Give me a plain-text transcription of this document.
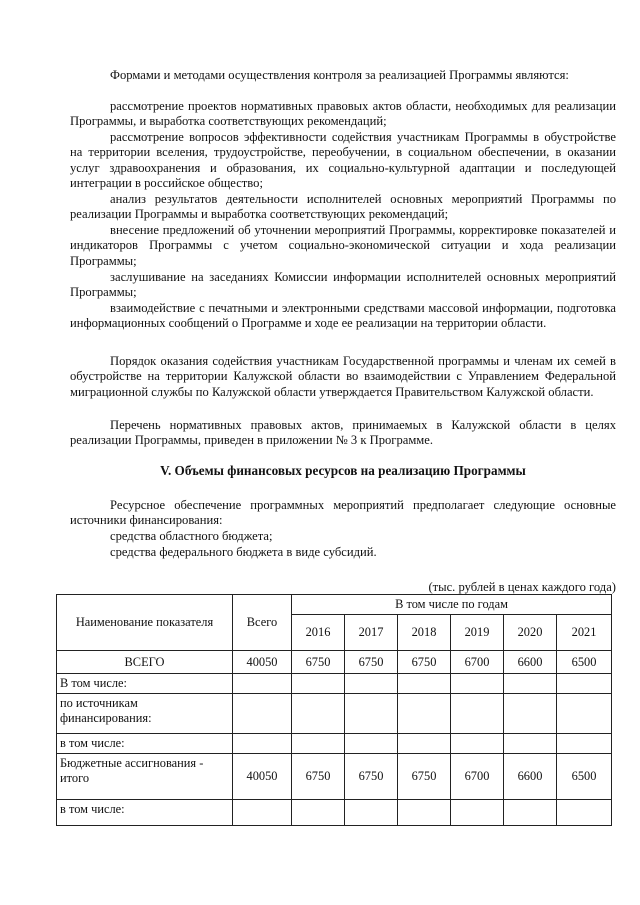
Формами и методами осуществления контроля за реализацией Программы являются:

рассмотрение проектов нормативных правовых актов области, необходимых для реализации Программы, и выработка соответствующих рекомендаций;

рассмотрение вопросов эффективности содействия участникам Программы в обустройстве на территории вселения, трудоустройстве, переобучении, в социальном обеспечении, в оказании услуг здравоохранения и образования, их социально-культурной адаптации и последующей интеграции в российское общество;

анализ результатов деятельности исполнителей основных мероприятий Программы по реализации Программы и выработка соответствующих рекомендаций;

внесение предложений об уточнении мероприятий Программы, корректировке показателей и индикаторов Программы с учетом социально-экономической ситуации и хода реализации Программы;

заслушивание на заседаниях Комиссии информации исполнителей основных мероприятий Программы;

взаимодействие с печатными и электронными средствами массовой информации, подготовка информационных сообщений о Программе и ходе ее реализации на территории области.

Порядок оказания содействия участникам Государственной программы и членам их семей в обустройстве на территории Калужской области во взаимодействии с Управлением Федеральной миграционной службы по Калужской области утверждается Правительством Калужской области.

Перечень нормативных правовых актов, принимаемых в Калужской области в целях реализации Программы, приведен в приложении № 3 к Программе.

V. Объемы финансовых ресурсов на реализацию Программы

Ресурсное обеспечение программных мероприятий предполагает следующие основные источники финансирования:

средства областного бюджета;

средства федерального бюджета в виде субсидий.

(тыс. рублей в ценах каждого года)
Наименование показателя	Всего	В том числе по годам					
		2016	2017	2018	2019	2020	2021
ВСЕГО	40050	6750	6750	6750	6700	6600	6500
В том числе:							
по источникам финансирования:							
в том числе:							
Бюджетные ассигнования - итого	40050	6750	6750	6750	6700	6600	6500
в том числе:							
